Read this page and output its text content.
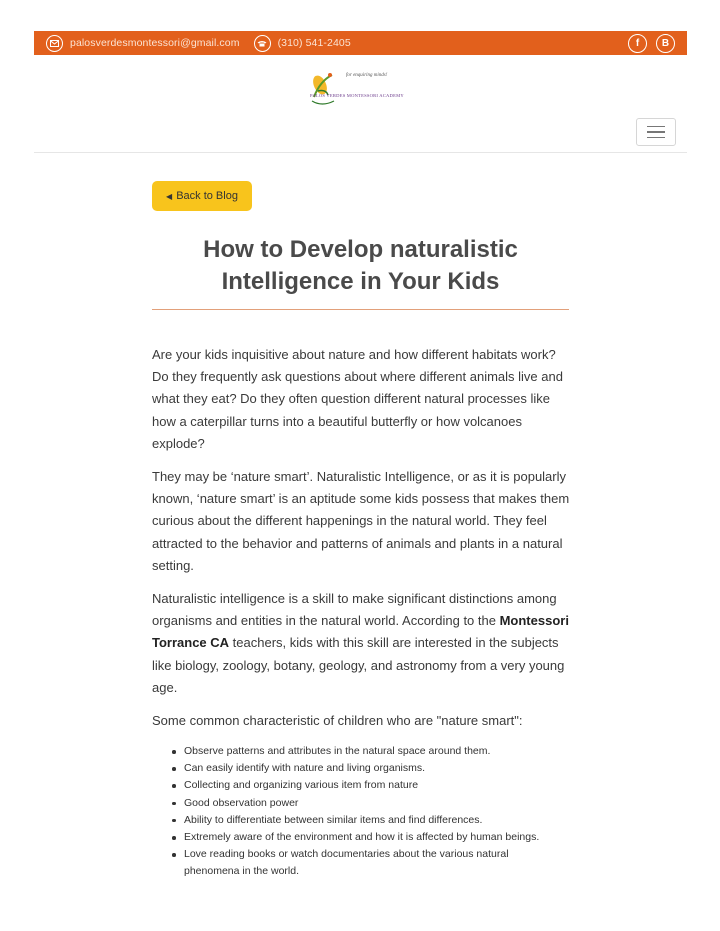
palosverdesmontessori@gmail.com	(310) 541-2405	f	B
for enquiring minds!
PALOS VERDES MONTESSORI ACADEMY
◀ Back to Blog
How to Develop naturalistic Intelligence in Your Kids

Are your kids inquisitive about nature and how different habitats work? Do they frequently ask questions about where different animals live and what they eat? Do they often question different natural processes like how a caterpillar turns into a beautiful butterfly or how volcanoes explode?

They may be ‘nature smart’. Naturalistic Intelligence, or as it is popularly known, ‘nature smart’ is an aptitude some kids possess that makes them curious about the different happenings in the natural world. They feel attracted to the behavior and patterns of animals and plants in a natural setting.

Naturalistic intelligence is a skill to make significant distinctions among organisms and entities in the natural world. According to the Montessori Torrance CA teachers, kids with this skill are interested in the subjects like biology, zoology, botany, geology, and astronomy from a very young age.

Some common characteristic of children who are "nature smart":

Observe patterns and attributes in the natural space around them.
Can easily identify with nature and living organisms.
Collecting and organizing various item from nature
Good observation power
Ability to differentiate between similar items and find differences.
Extremely aware of the environment and how it is affected by human beings.
Love reading books or watch documentaries about the various natural phenomena in the world.
